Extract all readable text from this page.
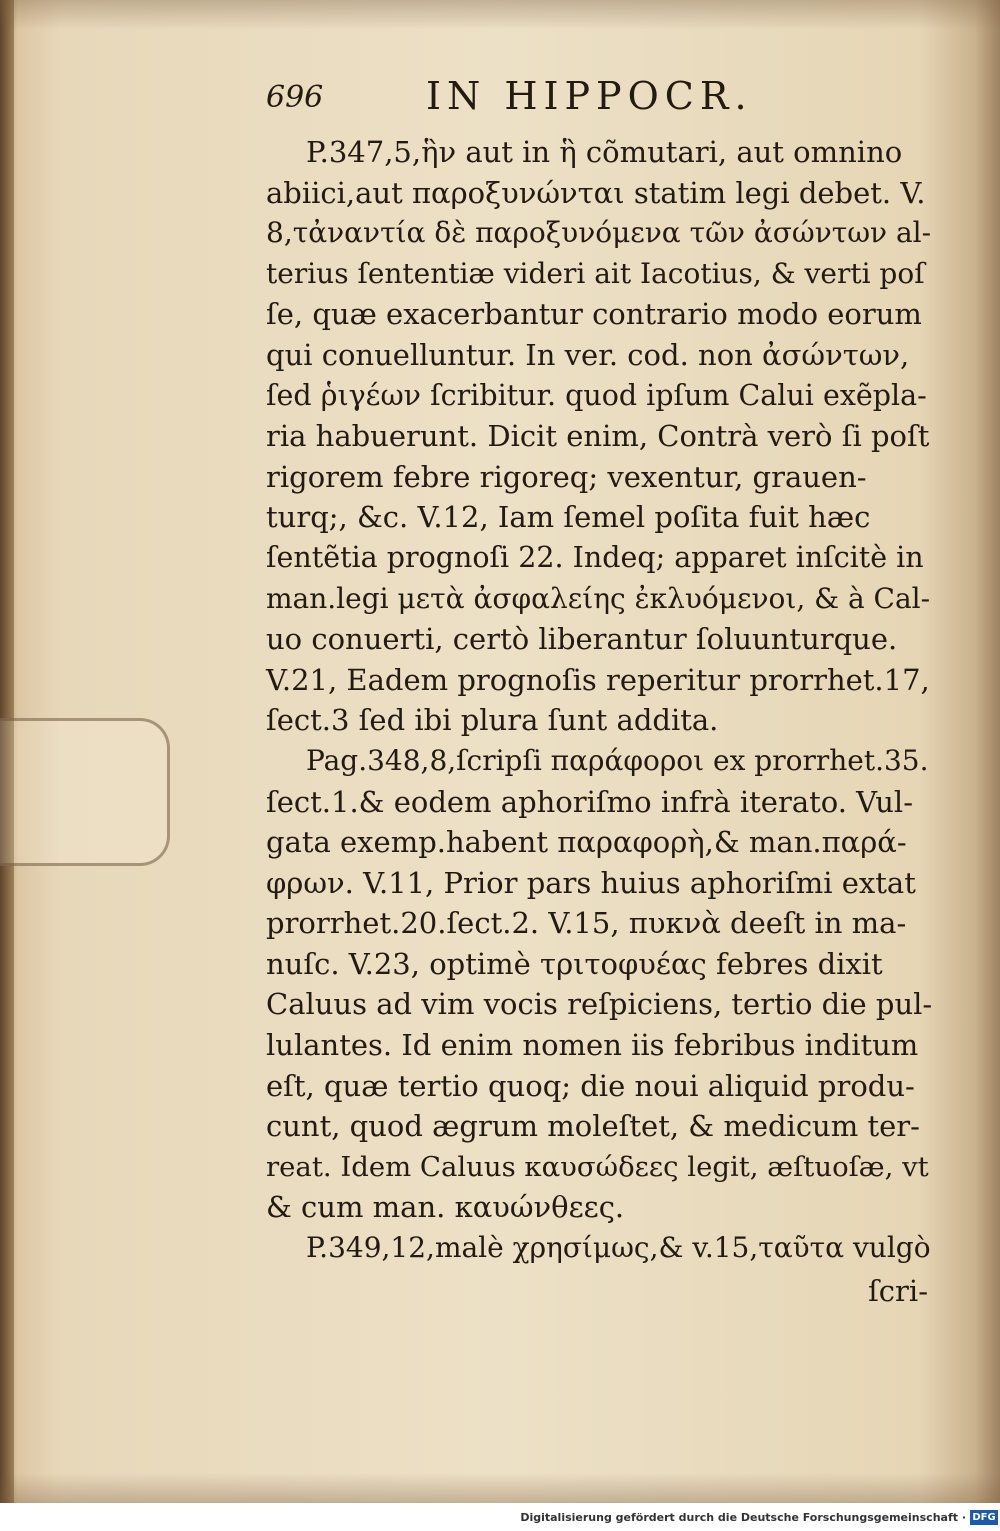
696	IN HIPPOCR.
P.347,5,ἣν aut in ἣ cõmutari, aut omnino
abiici,aut παροξυνώνται statim legi debet. V.
8,τἀναντία δὲ παροξυνόμενα τῶν ἀσώντων al-
terius ſententiæ videri ait Iacotius, & verti poſ
ſe, quæ exacerbantur contrario modo eorum
qui conuelluntur. In ver. cod. non ἀσώντων,
ſed ῥιγέων ſcribitur. quod ipſum Calui exẽpla-
ria habuerunt. Dicit enim, Contrà verò ſi poſt
rigorem febre rigoreq; vexentur, grauen-
turq;, &c. V.12, Iam ſemel poſita fuit hæc
ſentẽtia prognoſi 22. Indeq; apparet inſcitè in
man.legi μετὰ ἀσφαλείης ἐκλυόμενοι, & à Cal-
uo conuerti, certò liberantur ſoluunturque.
V.21, Eadem prognoſis reperitur prorrhet.17,
ſect.3 ſed ibi plura ſunt addita.
Pag.348,8,ſcripſi παράφοροι ex prorrhet.35.
ſect.1.& eodem aphoriſmo infrà iterato. Vul-
gata exemp.habent παραφορὴ,& man.παρά-
φρων. V.11, Prior pars huius aphoriſmi extat
prorrhet.20.ſect.2. V.15, πυκνὰ deeſt in ma-
nuſc. V.23, optimè τριτοφυέας febres dixit
Caluus ad vim vocis reſpiciens, tertio die pul-
lulantes. Id enim nomen iis febribus inditum
eſt, quæ tertio quoq; die noui aliquid produ-
cunt, quod ægrum moleſtet, & medicum ter-
reat. Idem Caluus καυσώδεες legit, æſtuoſæ, vt
& cum man. καυώνθεες.
P.349,12,malè χρησίμως,& v.15,ταῦτα vulgò
ſcri-
Digitalisierung gefördert durch die Deutsche Forschungsgemeinschaft · DFG
